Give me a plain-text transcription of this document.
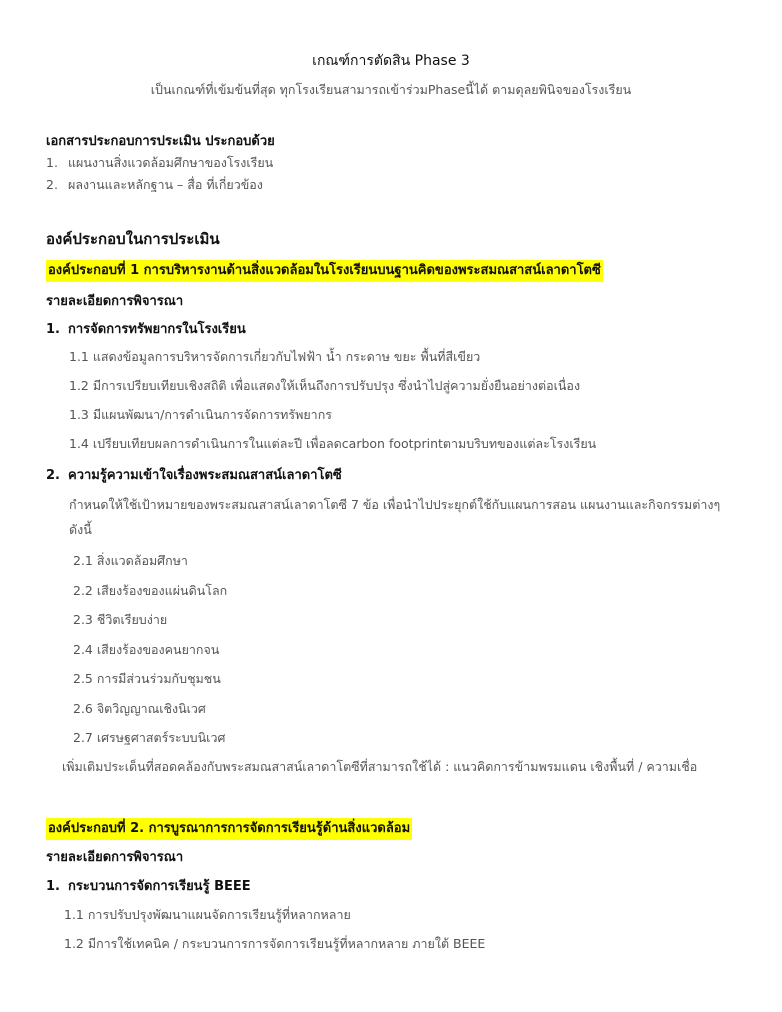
เกณฑ์การตัดสิน Phase 3
เป็นเกณฑ์ที่เข้มข้นที่สุด ทุกโรงเรียนสามารถเข้าร่วมPhaseนี้ได้ ตามดุลยพินิจของโรงเรียน
เอกสารประกอบการประเมิน ประกอบด้วย
1. แผนงานสิ่งแวดล้อมศึกษาของโรงเรียน
2. ผลงานและหลักฐาน – สื่อ ที่เกี่ยวข้อง
องค์ประกอบในการประเมิน
องค์ประกอบที่ 1 การบริหารงานด้านสิ่งแวดล้อมในโรงเรียนบนฐานคิดของพระสมณสาสน์เลาดาโตซี
รายละเอียดการพิจารณา
1. การจัดการทรัพยากรในโรงเรียน
1.1 แสดงข้อมูลการบริหารจัดการเกี่ยวกับไฟฟ้า น้ำ กระดาษ ขยะ พื้นที่สีเขียว
1.2 มีการเปรียบเทียบเชิงสถิติ เพื่อแสดงให้เห็นถึงการปรับปรุง ซึ่งนำไปสู่ความยั่งยืนอย่างต่อเนื่อง
1.3 มีแผนพัฒนา/การดำเนินการจัดการทรัพยากร
1.4 เปรียบเทียบผลการดำเนินการในแต่ละปี เพื่อลดcarbon footprintตามบริบทของแต่ละโรงเรียน
2. ความรู้ความเข้าใจเรื่องพระสมณสาสน์เลาดาโตซี
กำหนดให้ใช้เป้าหมายของพระสมณสาสน์เลาดาโตซี 7 ข้อ เพื่อนำไปประยุกต์ใช้กับแผนการสอน แผนงานและกิจกรรมต่างๆ ดังนี้
2.1 สิ่งแวดล้อมศึกษา
2.2 เสียงร้องของแผ่นดินโลก
2.3 ชีวิตเรียบง่าย
2.4 เสียงร้องของคนยากจน
2.5 การมีส่วนร่วมกับชุมชน
2.6 จิตวิญญาณเชิงนิเวศ
2.7 เศรษฐศาสตร์ระบบนิเวศ
เพิ่มเติมประเด็นที่สอดคล้องกับพระสมณสาสน์เลาดาโตซีที่สามารถใช้ได้ : แนวคิดการข้ามพรมแดน เชิงพื้นที่ / ความเชื่อ
องค์ประกอบที่ 2. การบูรณาการการจัดการเรียนรู้ด้านสิ่งแวดล้อม
รายละเอียดการพิจารณา
1. กระบวนการจัดการเรียนรู้ BEEE
1.1 การปรับปรุงพัฒนาแผนจัดการเรียนรู้ที่หลากหลาย
1.2 มีการใช้เทคนิค / กระบวนการการจัดการเรียนรู้ที่หลากหลาย ภายใต้ BEEE
